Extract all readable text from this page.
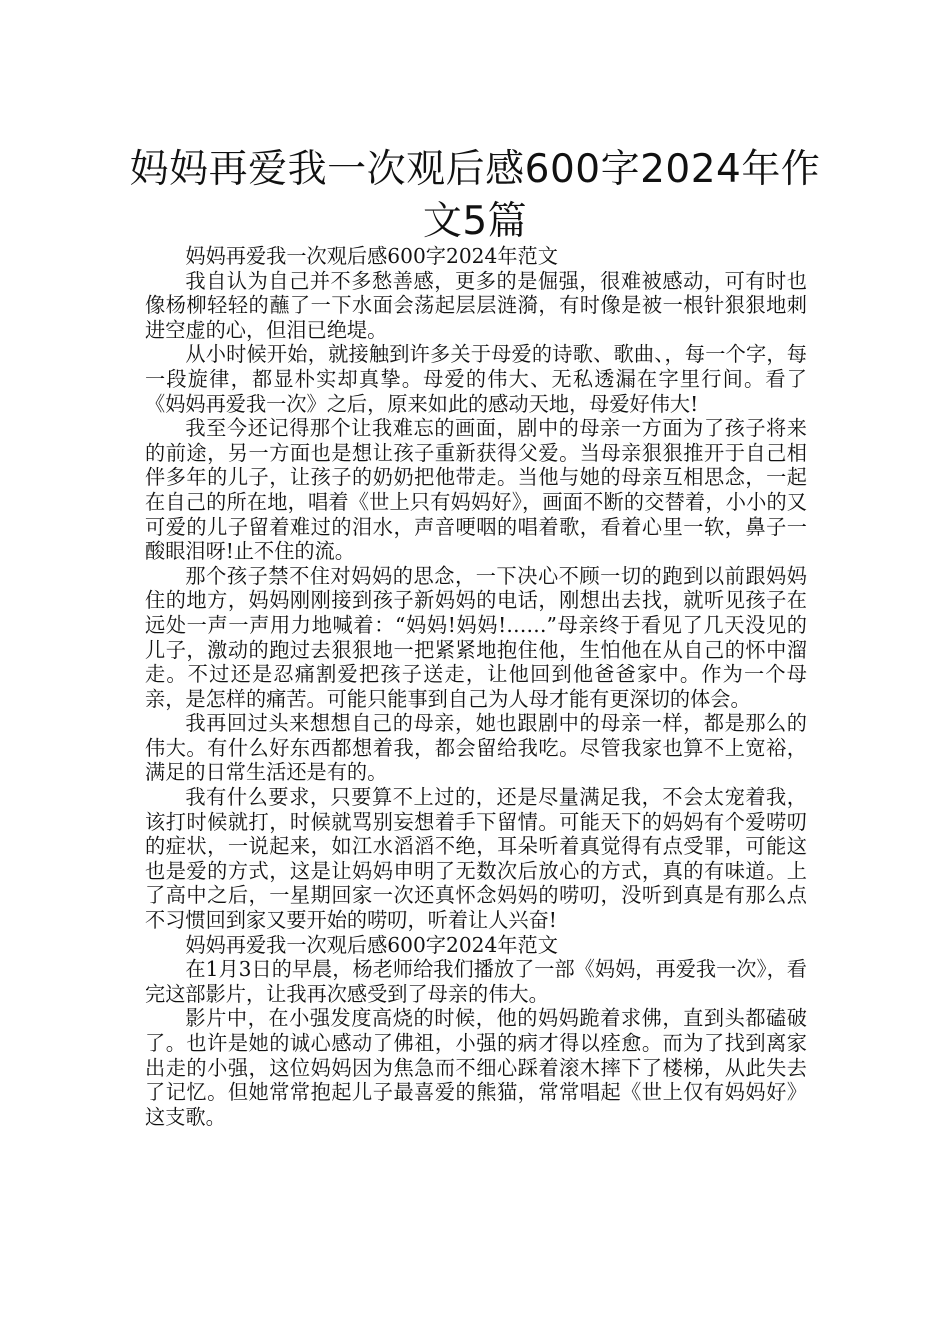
妈妈再爱我一次观后感600字2024年作文5篇

妈妈再爱我一次观后感600字2024年范文

我自认为自己并不多愁善感，更多的是倔强，很难被感动，可有时也像杨柳轻轻的蘸了一下水面会荡起层层涟漪，有时像是被一根针狠狠地刺进空虚的心，但泪已绝堤。

从小时候开始，就接触到许多关于母爱的诗歌、歌曲、，每一个字，每一段旋律，都显朴实却真挚。母爱的伟大、无私透漏在字里行间。看了《妈妈再爱我一次》之后，原来如此的感动天地，母爱好伟大!

我至今还记得那个让我难忘的画面，剧中的母亲一方面为了孩子将来的前途，另一方面也是想让孩子重新获得父爱。当母亲狠狠推开于自己相伴多年的儿子，让孩子的奶奶把他带走。当他与她的母亲互相思念，一起在自己的所在地，唱着《世上只有妈妈好》，画面不断的交替着，小小的又可爱的儿子留着难过的泪水，声音哽咽的唱着歌，看着心里一软，鼻子一酸眼泪呀!止不住的流。

那个孩子禁不住对妈妈的思念，一下决心不顾一切的跑到以前跟妈妈住的地方，妈妈刚刚接到孩子新妈妈的电话，刚想出去找，就听见孩子在远处一声一声用力地喊着：“妈妈!妈妈!……”母亲终于看见了几天没见的儿子，激动的跑过去狠狠地一把紧紧地抱住他，生怕他在从自己的怀中溜走。不过还是忍痛割爱把孩子送走，让他回到他爸爸家中。作为一个母亲，是怎样的痛苦。可能只能事到自己为人母才能有更深切的体会。

我再回过头来想想自己的母亲，她也跟剧中的母亲一样，都是那么的伟大。有什么好东西都想着我，都会留给我吃。尽管我家也算不上宽裕，满足的日常生活还是有的。

我有什么要求，只要算不上过的，还是尽量满足我，不会太宠着我，该打时候就打，时候就骂别妄想着手下留情。可能天下的妈妈有个爱唠叨的症状，一说起来，如江水滔滔不绝，耳朵听着真觉得有点受罪，可能这也是爱的方式，这是让妈妈申明了无数次后放心的方式，真的有味道。上了高中之后，一星期回家一次还真怀念妈妈的唠叨，没听到真是有那么点不习惯回到家又要开始的唠叨，听着让人兴奋!

妈妈再爱我一次观后感600字2024年范文

在1月3日的早晨，杨老师给我们播放了一部《妈妈，再爱我一次》，看完这部影片，让我再次感受到了母亲的伟大。

影片中，在小强发度高烧的时候，他的妈妈跪着求佛，直到头都磕破了。也许是她的诚心感动了佛祖，小强的病才得以痊愈。而为了找到离家出走的小强，这位妈妈因为焦急而不细心踩着滚木摔下了楼梯，从此失去了记忆。但她常常抱起儿子最喜爱的熊猫，常常唱起《世上仅有妈妈好》这支歌。
